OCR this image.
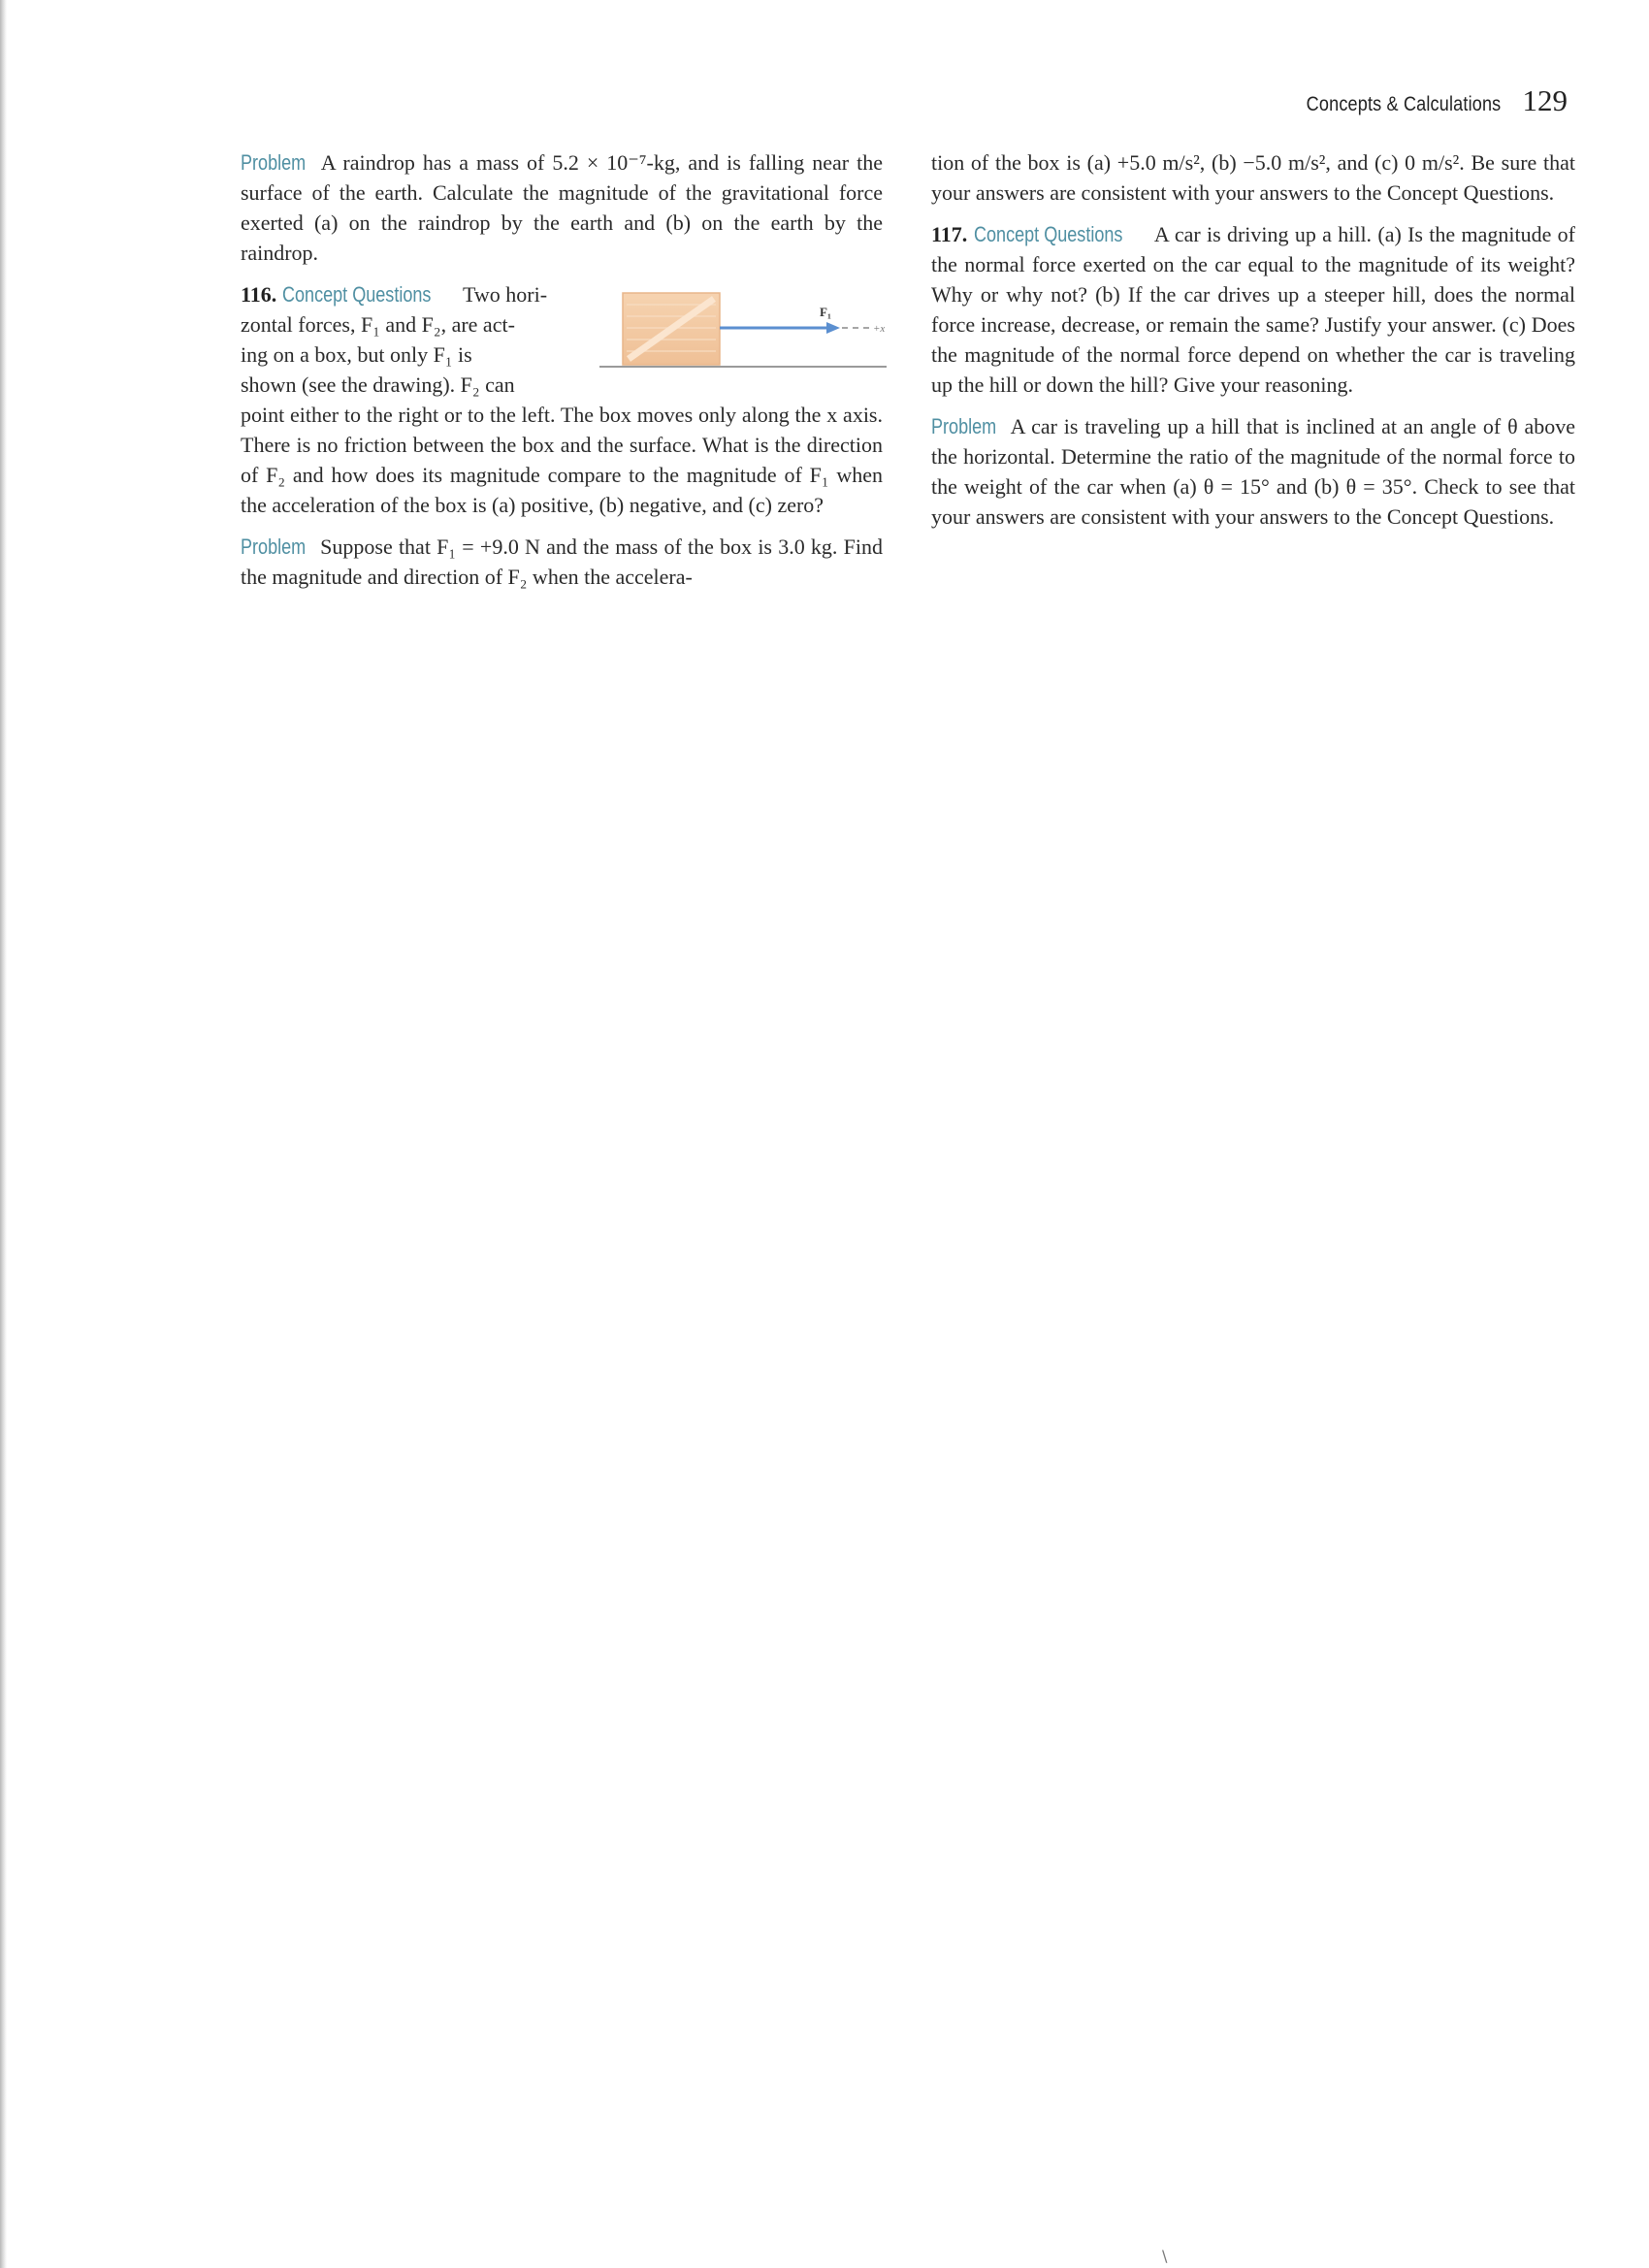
Concepts & Calculations 129

Problem A raindrop has a mass of 5.2 × 10⁻⁷-kg, and is falling near the surface of the earth. Calculate the magnitude of the gravitational force exerted (a) on the raindrop by the earth and (b) on the earth by the raindrop.

F₁
+x
116. Concept Questions Two hori-
zontal forces, F₁ and F₂, are act-
ing on a box, but only F₁ is
shown (see the drawing). F₂ can
point either to the right or to the left. The box moves only along the x axis. There is no friction between the box and the surface. What is the direction of F₂ and how does its magnitude compare to the magnitude of F₁ when the acceleration of the box is (a) positive, (b) negative, and (c) zero?

Problem Suppose that F₁ = +9.0 N and the mass of the box is 3.0 kg. Find the magnitude and direction of F₂ when the accelera-

tion of the box is (a) +5.0 m/s², (b) −5.0 m/s², and (c) 0 m/s². Be sure that your answers are consistent with your answers to the Concept Questions.

117. Concept Questions A car is driving up a hill. (a) Is the magnitude of the normal force exerted on the car equal to the magnitude of its weight? Why or why not? (b) If the car drives up a steeper hill, does the normal force increase, decrease, or remain the same? Justify your answer. (c) Does the magnitude of the normal force depend on whether the car is traveling up the hill or down the hill? Give your reasoning.

Problem A car is traveling up a hill that is inclined at an angle of θ above the horizontal. Determine the ratio of the magnitude of the normal force to the weight of the car when (a) θ = 15° and (b) θ = 35°. Check to see that your answers are consistent with your answers to the Concept Questions.

\
